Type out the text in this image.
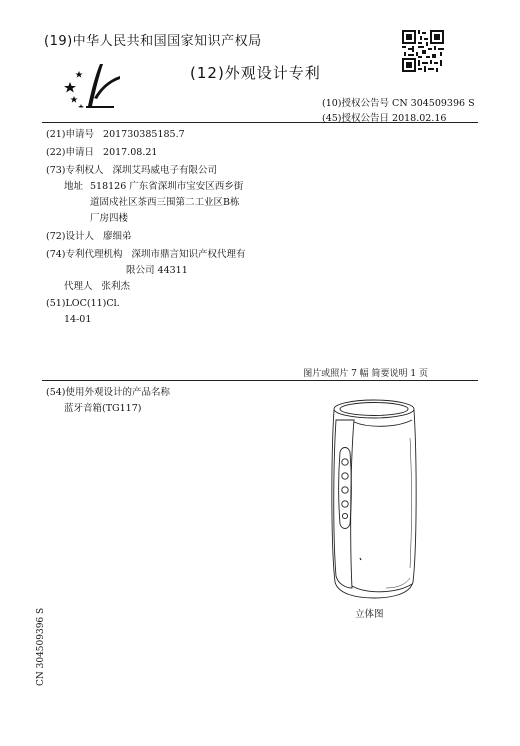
(19)中华人民共和国国家知识产权局
(12)外观设计专利
(10)授权公告号 CN 304509396 S
(45)授权公告日 2018.02.16
(21)申请号 201730385185.7
(22)申请日 2017.08.21
(73)专利权人 深圳艾玛威电子有限公司
地址 518126 广东省深圳市宝安区西乡街
道固戍社区茶西三围第二工业区B栋
厂房四楼
(72)设计人 廖细弟
(74)专利代理机构 深圳市鼎言知识产权代理有
限公司 44311
代理人 张利杰
(51)LOC(11)Cl.
14-01
图片或照片 7 幅 简要说明 1 页
(54)使用外观设计的产品名称
蓝牙音箱(TG117)
立体图
CN 304509396 S
